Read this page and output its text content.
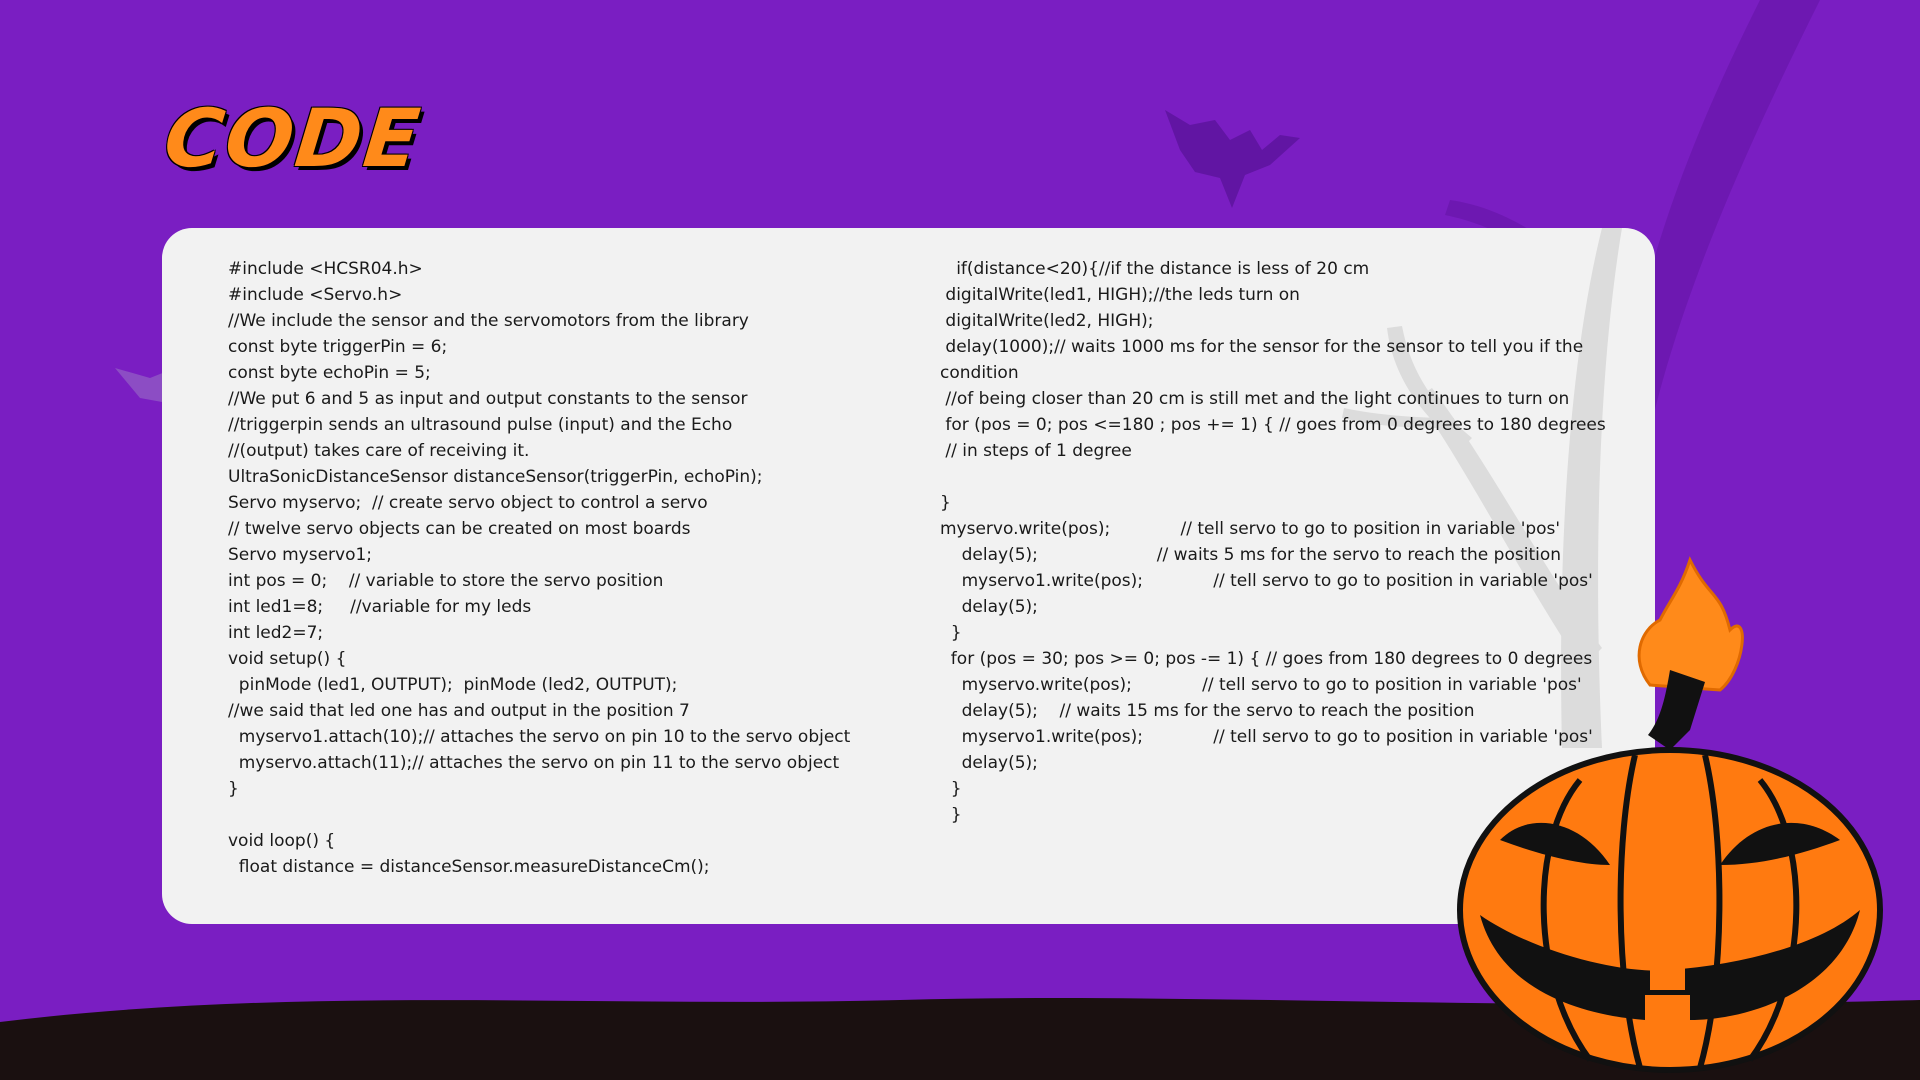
CODE
#include <HCSR04.h>
#include <Servo.h>
//We include the sensor and the servomotors from the library
const byte triggerPin = 6;
const byte echoPin = 5;
//We put 6 and 5 as input and output constants to the sensor
//triggerpin sends an ultrasound pulse (input) and the Echo
//(output) takes care of receiving it.
UltraSonicDistanceSensor distanceSensor(triggerPin, echoPin);
Servo myservo;  // create servo object to control a servo
// twelve servo objects can be created on most boards
Servo myservo1;
int pos = 0;    // variable to store the servo position
int led1=8;     //variable for my leds
int led2=7;
void setup() {
pinMode (led1, OUTPUT);  pinMode (led2, OUTPUT);
//we said that led one has and output in the position 7
myservo1.attach(10);// attaches the servo on pin 10 to the servo object
myservo.attach(11);// attaches the servo on pin 11 to the servo object
}

void loop() {
float distance = distanceSensor.measureDistanceCm();
if(distance<20){//if the distance is less of 20 cm
digitalWrite(led1, HIGH);//the leds turn on
digitalWrite(led2, HIGH);
delay(1000);// waits 1000 ms for the sensor for the sensor to tell you if the
condition
//of being closer than 20 cm is still met and the light continues to turn on
for (pos = 0; pos <=180 ; pos += 1) { // goes from 0 degrees to 180 degrees
// in steps of 1 degree

}
myservo.write(pos);             // tell servo to go to position in variable 'pos'
delay(5);                      // waits 5 ms for the servo to reach the position
myservo1.write(pos);             // tell servo to go to position in variable 'pos'
delay(5);
}
for (pos = 30; pos >= 0; pos -= 1) { // goes from 180 degrees to 0 degrees
myservo.write(pos);             // tell servo to go to position in variable 'pos'
delay(5);    // waits 15 ms for the servo to reach the position
myservo1.write(pos);             // tell servo to go to position in variable 'pos'
delay(5);
}
}
